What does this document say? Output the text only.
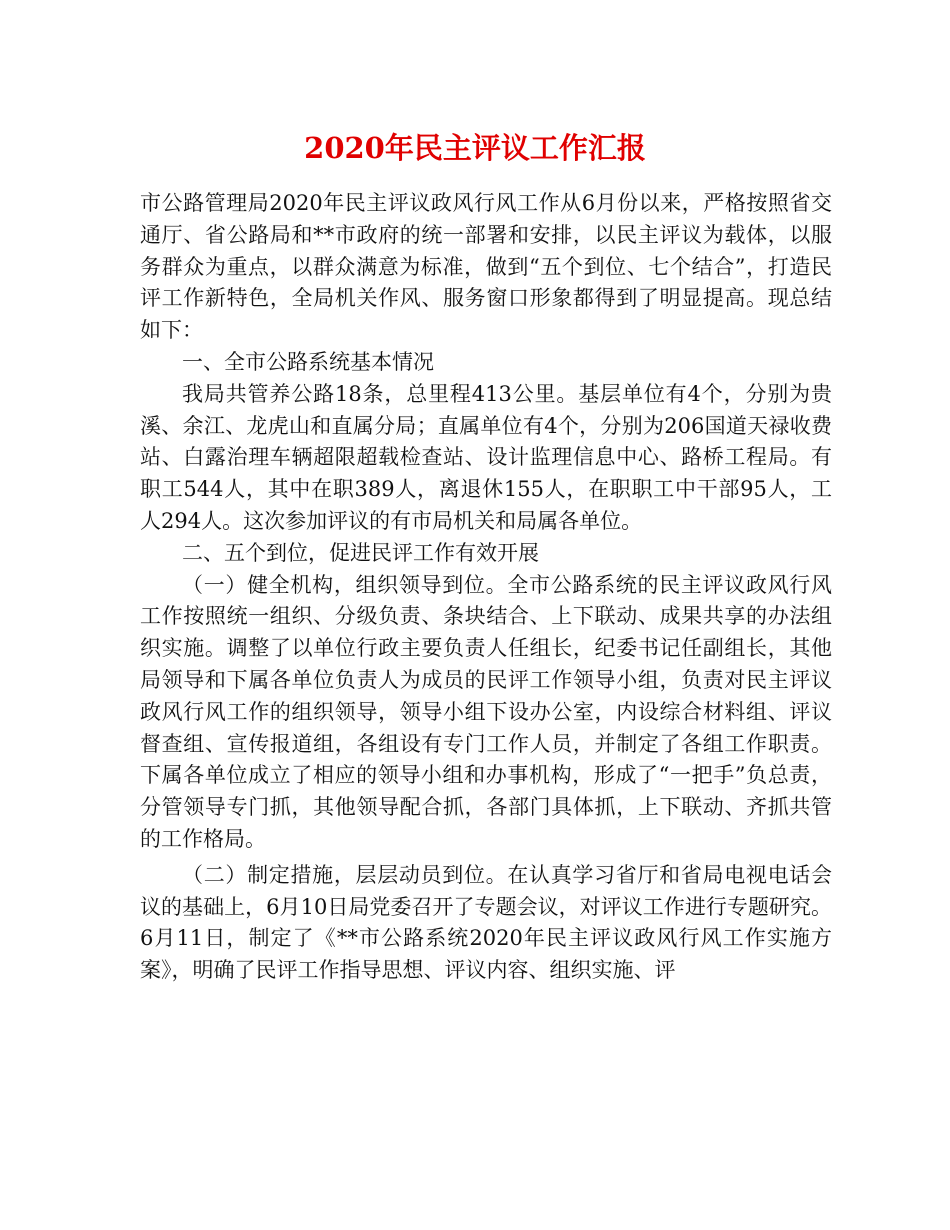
2020年民主评议工作汇报

市公路管理局2020年民主评议政风行风工作从6月份以来，严格按照省交通厅、省公路局和**市政府的统一部署和安排，以民主评议为载体，以服务群众为重点，以群众满意为标准，做到“五个到位、七个结合”，打造民评工作新特色，全局机关作风、服务窗口形象都得到了明显提高。现总结如下：

一、全市公路系统基本情况

我局共管养公路18条，总里程413公里。基层单位有4个，分别为贵溪、余江、龙虎山和直属分局；直属单位有4个，分别为206国道天禄收费站、白露治理车辆超限超载检查站、设计监理信息中心、路桥工程局。有职工544人，其中在职389人，离退休155人，在职职工中干部95人，工人294人。这次参加评议的有市局机关和局属各单位。

二、五个到位，促进民评工作有效开展

（一）健全机构，组织领导到位。全市公路系统的民主评议政风行风工作按照统一组织、分级负责、条块结合、上下联动、成果共享的办法组织实施。调整了以单位行政主要负责人任组长，纪委书记任副组长，其他局领导和下属各单位负责人为成员的民评工作领导小组，负责对民主评议政风行风工作的组织领导，领导小组下设办公室，内设综合材料组、评议督查组、宣传报道组，各组设有专门工作人员，并制定了各组工作职责。下属各单位成立了相应的领导小组和办事机构，形成了“一把手”负总责，分管领导专门抓，其他领导配合抓，各部门具体抓，上下联动、齐抓共管的工作格局。

（二）制定措施，层层动员到位。在认真学习省厅和省局电视电话会议的基础上，6月10日局党委召开了专题会议，对评议工作进行专题研究。6月11日，制定了《**市公路系统2020年民主评议政风行风工作实施方案》，明确了民评工作指导思想、评议内容、组织实施、评
